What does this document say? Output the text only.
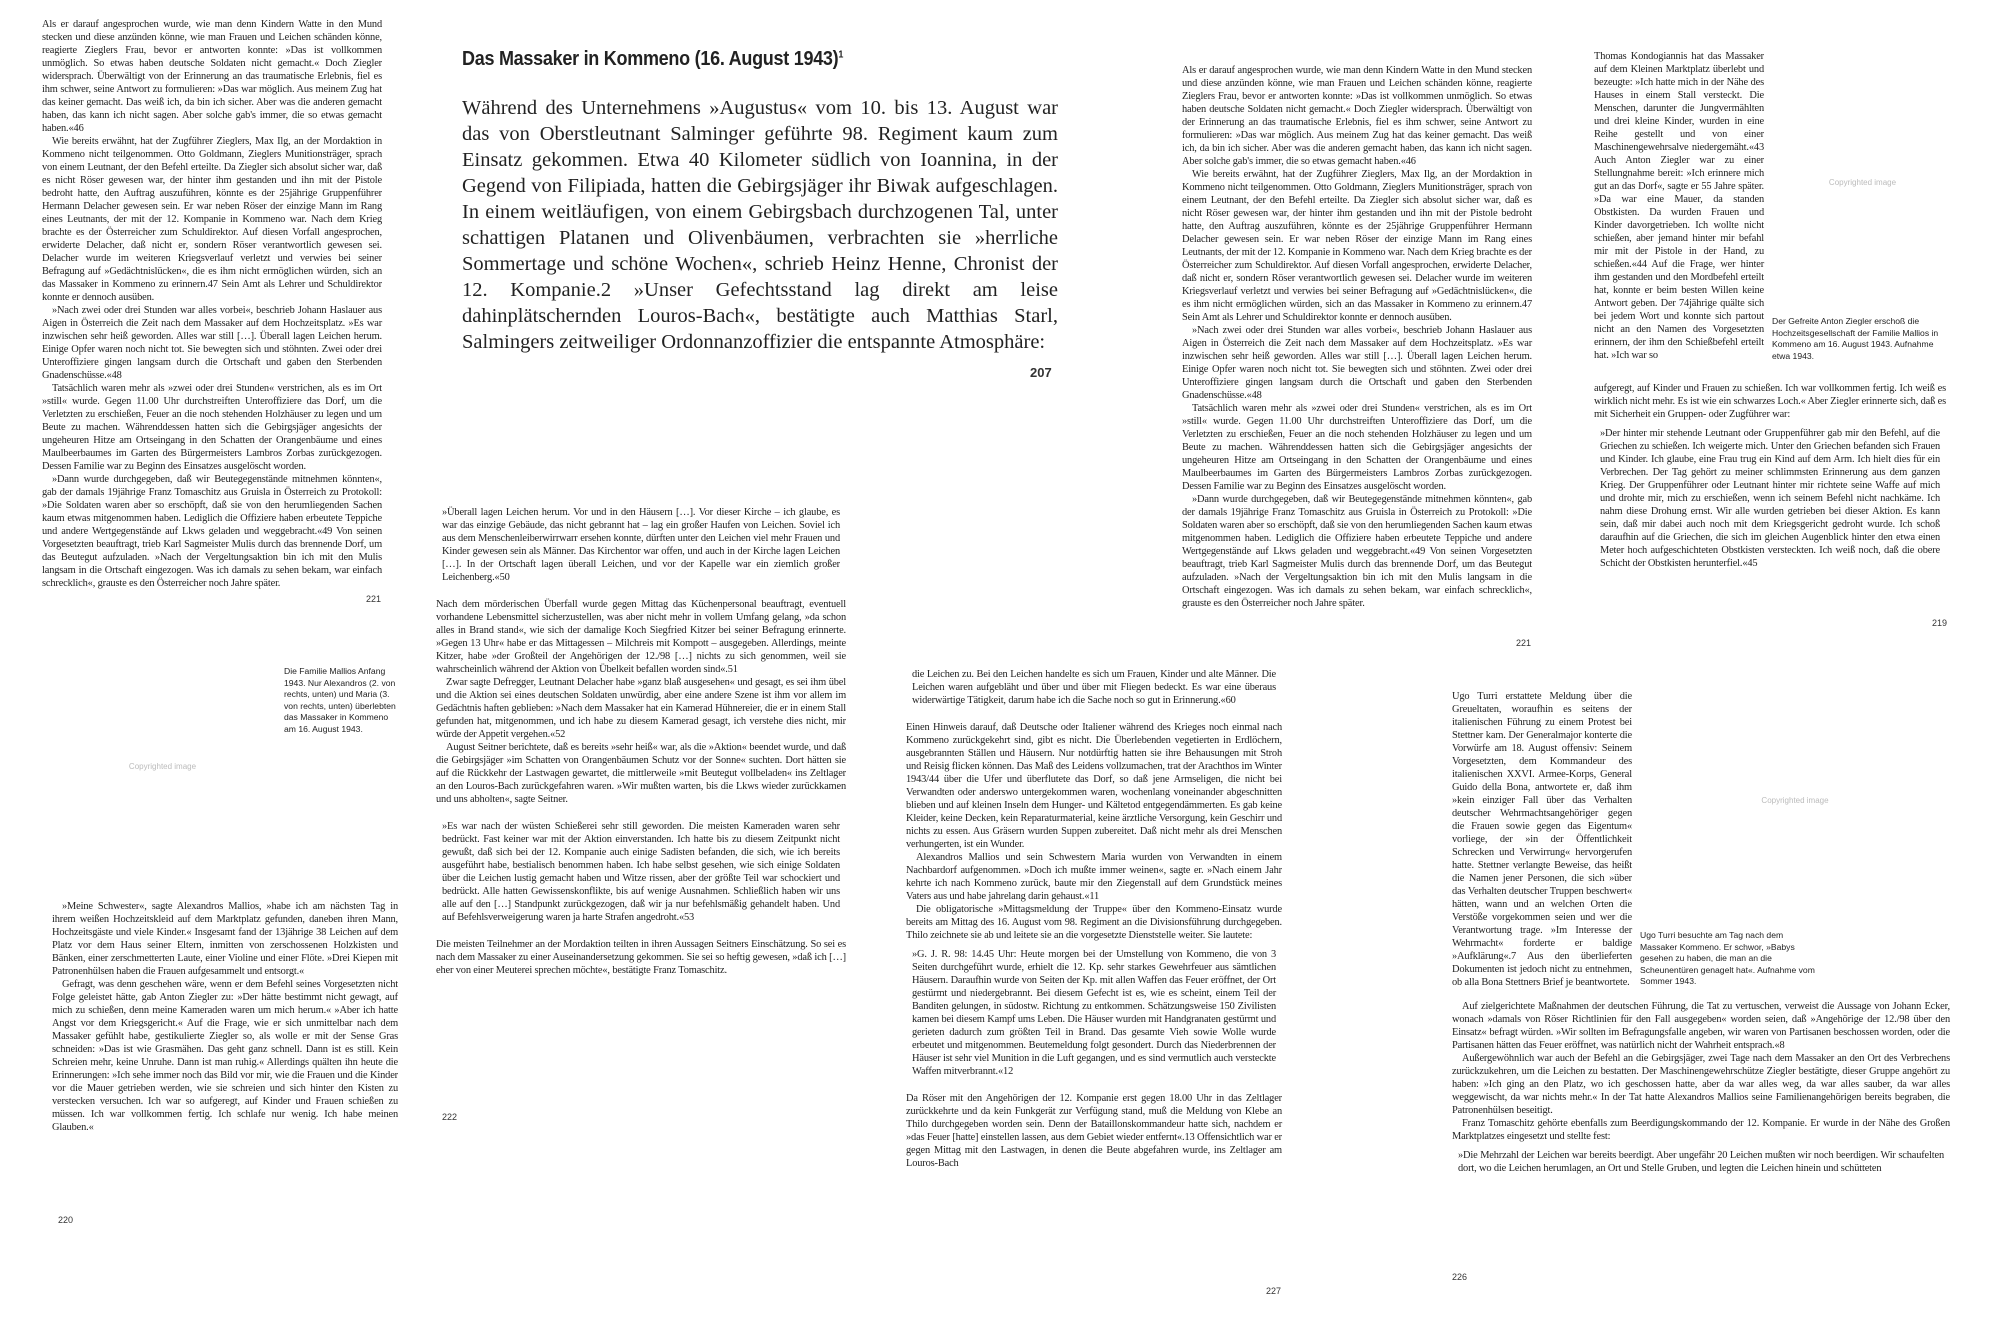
Als er darauf angesprochen wurde, wie man denn Kindern Watte in den Mund stecken und diese anzünden könne, wie man Frauen und Leichen schänden könne, reagierte Zieglers Frau, bevor er antworten konnte: »Das ist vollkommen unmöglich. So etwas haben deutsche Soldaten nicht gemacht.« Doch Ziegler widersprach. Überwältigt von der Erinnerung an das traumatische Erlebnis, fiel es ihm schwer, seine Antwort zu formulieren: »Das war möglich. Aus meinem Zug hat das keiner gemacht. Das weiß ich, da bin ich sicher. Aber was die anderen gemacht haben, das kann ich nicht sagen. Aber solche gab's immer, die so etwas gemacht haben.«46

Wie bereits erwähnt, hat der Zugführer Zieglers, Max Ilg, an der Mordaktion in Kommeno nicht teilgenommen. Otto Goldmann, Zieglers Munitionsträger, sprach von einem Leutnant, der den Befehl erteilte. Da Ziegler sich absolut sicher war, daß es nicht Röser gewesen war, der hinter ihm gestanden und ihn mit der Pistole bedroht hatte, den Auftrag auszuführen, könnte es der 25jährige Gruppenführer Hermann Delacher gewesen sein. Er war neben Röser der einzige Mann im Rang eines Leutnants, der mit der 12. Kompanie in Kommeno war. Nach dem Krieg brachte es der Österreicher zum Schuldirektor. Auf diesen Vorfall angesprochen, erwiderte Delacher, daß nicht er, sondern Röser verantwortlich gewesen sei. Delacher wurde im weiteren Kriegsverlauf verletzt und verwies bei seiner Befragung auf »Gedächtnislücken«, die es ihm nicht ermöglichen würden, sich an das Massaker in Kommeno zu erinnern.47 Sein Amt als Lehrer und Schuldirektor konnte er dennoch ausüben.

»Nach zwei oder drei Stunden war alles vorbei«, beschrieb Johann Haslauer aus Aigen in Österreich die Zeit nach dem Massaker auf dem Hochzeitsplatz. »Es war inzwischen sehr heiß geworden. Alles war still […]. Überall lagen Leichen herum. Einige Opfer waren noch nicht tot. Sie bewegten sich und stöhnten. Zwei oder drei Unteroffiziere gingen langsam durch die Ortschaft und gaben den Sterbenden Gnadenschüsse.«48

Tatsächlich waren mehr als »zwei oder drei Stunden« verstrichen, als es im Ort »still« wurde. Gegen 11.00 Uhr durchstreiften Unteroffiziere das Dorf, um die Verletzten zu erschießen, Feuer an die noch stehenden Holzhäuser zu legen und um Beute zu machen. Währenddessen hatten sich die Gebirgsjäger angesichts der ungeheuren Hitze am Ortseingang in den Schatten der Orangenbäume und eines Maulbeerbaumes im Garten des Bürgermeisters Lambros Zorbas zurückgezogen. Dessen Familie war zu Beginn des Einsatzes ausgelöscht worden.

»Dann wurde durchgegeben, daß wir Beutegegenstände mitnehmen könnten«, gab der damals 19jährige Franz Tomaschitz aus Gruisla in Österreich zu Protokoll: »Die Soldaten waren aber so erschöpft, daß sie von den herumliegenden Sachen kaum etwas mitgenommen haben. Lediglich die Offiziere haben erbeutete Teppiche und andere Wertgegenstände auf Lkws geladen und weggebracht.«49 Von seinen Vorgesetzten beauftragt, trieb Karl Sagmeister Mulis durch das brennende Dorf, um das Beutegut aufzuladen. »Nach der Vergeltungsaktion bin ich mit den Mulis langsam in die Ortschaft eingezogen. Was ich damals zu sehen bekam, war einfach schrecklich«, grauste es den Österreicher noch Jahre später.

221
Copyrighted image
Die Familie Mallios Anfang 1943. Nur Alexandros (2. von rechts, unten) und Maria (3. von rechts, unten) überlebten das Massaker in Kommeno am 16. August 1943.

»Meine Schwester«, sagte Alexandros Mallios, »habe ich am nächsten Tag in ihrem weißen Hochzeitskleid auf dem Marktplatz gefunden, daneben ihren Mann, Hochzeitsgäste und viele Kinder.« Insgesamt fand der 13jährige 38 Leichen auf dem Platz vor dem Haus seiner Eltern, inmitten von zerschossenen Holzkisten und Bänken, einer zerschmetterten Laute, einer Violine und einer Flöte. »Drei Kiepen mit Patronenhülsen haben die Frauen aufgesammelt und entsorgt.«

Gefragt, was denn geschehen wäre, wenn er dem Befehl seines Vorgesetzten nicht Folge geleistet hätte, gab Anton Ziegler zu: »Der hätte bestimmt nicht gewagt, auf mich zu schießen, denn meine Kameraden waren um mich herum.« »Aber ich hatte Angst vor dem Kriegsgericht.« Auf die Frage, wie er sich unmittelbar nach dem Massaker gefühlt habe, gestikulierte Ziegler so, als wolle er mit der Sense Gras schneiden: »Das ist wie Grasmähen. Das geht ganz schnell. Dann ist es still. Kein Schreien mehr, keine Unruhe. Dann ist man ruhig.« Allerdings quälten ihn heute die Erinnerungen: »Ich sehe immer noch das Bild vor mir, wie die Frauen und die Kinder vor die Mauer getrieben werden, wie sie schreien und sich hinter den Kisten zu verstecken versuchen. Ich war so aufgeregt, auf Kinder und Frauen schießen zu müssen. Ich war vollkommen fertig. Ich schlafe nur wenig. Ich habe meinen Glauben.«

220
Das Massaker in Kommeno (16. August 1943)$^1$
Während des Unternehmens »Augustus« vom 10. bis 13. August war das von Oberstleutnant Salminger geführte 98. Regiment kaum zum Einsatz gekommen. Etwa 40 Kilometer südlich von Ioannina, in der Gegend von Filipiada, hatten die Gebirgsjäger ihr Biwak aufgeschlagen. In einem weitläufigen, von einem Gebirgsbach durchzogenen Tal, unter schattigen Platanen und Olivenbäumen, verbrachten sie »herrliche Sommertage und schöne Wochen«, schrieb Heinz Henne, Chronist der 12. Kompanie.2 »Unser Gefechtsstand lag direkt am leise dahinplätschernden Louros-Bach«, bestätigte auch Matthias Starl, Salmingers zeitweiliger Ordonnanzoffizier die entspannte Atmosphäre:
207

»Überall lagen Leichen herum. Vor und in den Häusern […]. Vor dieser Kirche – ich glaube, es war das einzige Gebäude, das nicht gebrannt hat – lag ein großer Haufen von Leichen. Soviel ich aus dem Menschenleiberwirrwarr ersehen konnte, dürften unter den Leichen viel mehr Frauen und Kinder gewesen sein als Männer. Das Kirchentor war offen, und auch in der Kirche lagen Leichen […]. In der Ortschaft lagen überall Leichen, und vor der Kapelle war ein ziemlich großer Leichenberg.«50

Nach dem mörderischen Überfall wurde gegen Mittag das Küchenpersonal beauftragt, eventuell vorhandene Lebensmittel sicherzustellen, was aber nicht mehr in vollem Umfang gelang, »da schon alles in Brand stand«, wie sich der damalige Koch Siegfried Kitzer bei seiner Befragung erinnerte. »Gegen 13 Uhr« habe er das Mittagessen – Milchreis mit Kompott – ausgegeben. Allerdings, meinte Kitzer, habe »der Großteil der Angehörigen der 12./98 […] nichts zu sich genommen, weil sie wahrscheinlich während der Aktion von Übelkeit befallen worden sind«.51

Zwar sagte Defregger, Leutnant Delacher habe »ganz blaß ausgesehen« und gesagt, es sei ihm übel und die Aktion sei eines deutschen Soldaten unwürdig, aber eine andere Szene ist ihm vor allem im Gedächtnis haften geblieben: »Nach dem Massaker hat ein Kamerad Hühnereier, die er in einem Stall gefunden hat, mitgenommen, und ich habe zu diesem Kamerad gesagt, ich verstehe dies nicht, mir würde der Appetit vergehen.«52

August Seitner berichtete, daß es bereits »sehr heiß« war, als die »Aktion« beendet wurde, und daß die Gebirgsjäger »im Schatten von Orangenbäumen Schutz vor der Sonne« suchten. Dort hätten sie auf die Rückkehr der Lastwagen gewartet, die mittlerweile »mit Beutegut vollbeladen« ins Zeltlager an den Louros-Bach zurückgefahren waren. »Wir mußten warten, bis die Lkws wieder zurückkamen und uns abholten«, sagte Seitner.

»Es war nach der wüsten Schießerei sehr still geworden. Die meisten Kameraden waren sehr bedrückt. Fast keiner war mit der Aktion einverstanden. Ich hatte bis zu diesem Zeitpunkt nicht gewußt, daß sich bei der 12. Kompanie auch einige Sadisten befanden, die sich, wie ich bereits ausgeführt habe, bestialisch benommen haben. Ich habe selbst gesehen, wie sich einige Soldaten über die Leichen lustig gemacht haben und Witze rissen, aber der größte Teil war schockiert und bedrückt. Alle hatten Gewissenskonflikte, bis auf wenige Ausnahmen. Schließlich haben wir uns alle auf den […] Standpunkt zurückgezogen, daß wir ja nur befehlsmäßig gehandelt haben. Und auf Befehlsverweigerung waren ja harte Strafen angedroht.«53

Die meisten Teilnehmer an der Mordaktion teilten in ihren Aussagen Seitners Einschätzung. So sei es nach dem Massaker zu einer Auseinandersetzung gekommen. Sie sei so heftig gewesen, »daß ich […] eher von einer Meuterei sprechen möchte«, bestätigte Franz Tomaschitz.

222

Als er darauf angesprochen wurde, wie man denn Kindern Watte in den Mund stecken und diese anzünden könne, wie man Frauen und Leichen schänden könne, reagierte Zieglers Frau, bevor er antworten konnte: »Das ist vollkommen unmöglich. So etwas haben deutsche Soldaten nicht gemacht.« Doch Ziegler widersprach. Überwältigt von der Erinnerung an das traumatische Erlebnis, fiel es ihm schwer, seine Antwort zu formulieren: »Das war möglich. Aus meinem Zug hat das keiner gemacht. Das weiß ich, da bin ich sicher. Aber was die anderen gemacht haben, das kann ich nicht sagen. Aber solche gab's immer, die so etwas gemacht haben.«46

Wie bereits erwähnt, hat der Zugführer Zieglers, Max Ilg, an der Mordaktion in Kommeno nicht teilgenommen. Otto Goldmann, Zieglers Munitionsträger, sprach von einem Leutnant, der den Befehl erteilte. Da Ziegler sich absolut sicher war, daß es nicht Röser gewesen war, der hinter ihm gestanden und ihn mit der Pistole bedroht hatte, den Auftrag auszuführen, könnte es der 25jährige Gruppenführer Hermann Delacher gewesen sein. Er war neben Röser der einzige Mann im Rang eines Leutnants, der mit der 12. Kompanie in Kommeno war. Nach dem Krieg brachte es der Österreicher zum Schuldirektor. Auf diesen Vorfall angesprochen, erwiderte Delacher, daß nicht er, sondern Röser verantwortlich gewesen sei. Delacher wurde im weiteren Kriegsverlauf verletzt und verwies bei seiner Befragung auf »Gedächtnislücken«, die es ihm nicht ermöglichen würden, sich an das Massaker in Kommeno zu erinnern.47 Sein Amt als Lehrer und Schuldirektor konnte er dennoch ausüben.

»Nach zwei oder drei Stunden war alles vorbei«, beschrieb Johann Haslauer aus Aigen in Österreich die Zeit nach dem Massaker auf dem Hochzeitsplatz. »Es war inzwischen sehr heiß geworden. Alles war still […]. Überall lagen Leichen herum. Einige Opfer waren noch nicht tot. Sie bewegten sich und stöhnten. Zwei oder drei Unteroffiziere gingen langsam durch die Ortschaft und gaben den Sterbenden Gnadenschüsse.«48

Tatsächlich waren mehr als »zwei oder drei Stunden« verstrichen, als es im Ort »still« wurde. Gegen 11.00 Uhr durchstreiften Unteroffiziere das Dorf, um die Verletzten zu erschießen, Feuer an die noch stehenden Holzhäuser zu legen und um Beute zu machen. Währenddessen hatten sich die Gebirgsjäger angesichts der ungeheuren Hitze am Ortseingang in den Schatten der Orangenbäume und eines Maulbeerbaumes im Garten des Bürgermeisters Lambros Zorbas zurückgezogen. Dessen Familie war zu Beginn des Einsatzes ausgelöscht worden.

»Dann wurde durchgegeben, daß wir Beutegegenstände mitnehmen könnten«, gab der damals 19jährige Franz Tomaschitz aus Gruisla in Österreich zu Protokoll: »Die Soldaten waren aber so erschöpft, daß sie von den herumliegenden Sachen kaum etwas mitgenommen haben. Lediglich die Offiziere haben erbeutete Teppiche und andere Wertgegenstände auf Lkws geladen und weggebracht.«49 Von seinen Vorgesetzten beauftragt, trieb Karl Sagmeister Mulis durch das brennende Dorf, um das Beutegut aufzuladen. »Nach der Vergeltungsaktion bin ich mit den Mulis langsam in die Ortschaft eingezogen. Was ich damals zu sehen bekam, war einfach schrecklich«, grauste es den Österreicher noch Jahre später.

221

die Leichen zu. Bei den Leichen handelte es sich um Frauen, Kinder und alte Männer. Die Leichen waren aufgebläht und über und über mit Fliegen bedeckt. Es war eine überaus widerwärtige Tätigkeit, darum habe ich die Sache noch so gut in Erinnerung.«60

Einen Hinweis darauf, daß Deutsche oder Italiener während des Krieges noch einmal nach Kommeno zurückgekehrt sind, gibt es nicht. Die Überlebenden vegetierten in Erdlöchern, ausgebrannten Ställen und Häusern. Nur notdürftig hatten sie ihre Behausungen mit Stroh und Reisig flicken können. Das Maß des Leidens vollzumachen, trat der Arachthos im Winter 1943/44 über die Ufer und überflutete das Dorf, so daß jene Armseligen, die nicht bei Verwandten oder anderswo untergekommen waren, wochenlang voneinander abgeschnitten blieben und auf kleinen Inseln dem Hunger- und Kältetod entgegendämmerten. Es gab keine Kleider, keine Decken, kein Reparaturmaterial, keine ärztliche Versorgung, kein Geschirr und nichts zu essen. Aus Gräsern wurden Suppen zubereitet. Daß nicht mehr als drei Menschen verhungerten, ist ein Wunder.

Alexandros Mallios und sein Schwestern Maria wurden von Verwandten in einem Nachbardorf aufgenommen. »Doch ich mußte immer weinen«, sagte er. »Nach einem Jahr kehrte ich nach Kommeno zurück, baute mir den Ziegenstall auf dem Grundstück meines Vaters aus und habe jahrelang darin gehaust.«11

Die obligatorische »Mittagsmeldung der Truppe« über den Kommeno-Einsatz wurde bereits am Mittag des 16. August vom 98. Regiment an die Divisionsführung durchgegeben. Thilo zeichnete sie ab und leitete sie an die vorgesetzte Dienststelle weiter. Sie lautete:

»G. J. R. 98: 14.45 Uhr: Heute morgen bei der Umstellung von Kommeno, die von 3 Seiten durchgeführt wurde, erhielt die 12. Kp. sehr starkes Gewehrfeuer aus sämtlichen Häusern. Daraufhin wurde von Seiten der Kp. mit allen Waffen das Feuer eröffnet, der Ort gestürmt und niedergebrannt. Bei diesem Gefecht ist es, wie es scheint, einem Teil der Banditen gelungen, in südostw. Richtung zu entkommen. Schätzungsweise 150 Zivilisten kamen bei diesem Kampf ums Leben. Die Häuser wurden mit Handgranaten gestürmt und gerieten dadurch zum größten Teil in Brand. Das gesamte Vieh sowie Wolle wurde erbeutet und mitgenommen. Beutemeldung folgt gesondert. Durch das Niederbrennen der Häuser ist sehr viel Munition in die Luft gegangen, und es sind vermutlich auch versteckte Waffen mitverbrannt.«12

Da Röser mit den Angehörigen der 12. Kompanie erst gegen 18.00 Uhr in das Zeltlager zurückkehrte und da kein Funkgerät zur Verfügung stand, muß die Meldung von Klebe an Thilo durchgegeben worden sein. Denn der Bataillonskommandeur hatte sich, nachdem er »das Feuer [hatte] einstellen lassen, aus dem Gebiet wieder entfernt«.13 Offensichtlich war er gegen Mittag mit den Lastwagen, in denen die Beute abgefahren wurde, ins Zeltlager am Louros-Bach

227

Thomas Kondogiannis hat das Massaker auf dem Kleinen Marktplatz überlebt und bezeugte: »Ich hatte mich in der Nähe des Hauses in einem Stall versteckt. Die Menschen, darunter die Jungvermählten und drei kleine Kinder, wurden in eine Reihe gestellt und von einer Maschinengewehrsalve niedergemäht.«43 Auch Anton Ziegler war zu einer Stellungnahme bereit: »Ich erinnere mich gut an das Dorf«, sagte er 55 Jahre später. »Da war eine Mauer, da standen Obstkisten. Da wurden Frauen und Kinder davorgetrieben. Ich wollte nicht schießen, aber jemand hinter mir befahl mir mit der Pistole in der Hand, zu schießen.«44 Auf die Frage, wer hinter ihm gestanden und den Mordbefehl erteilt hat, konnte er beim besten Willen keine Antwort geben. Der 74jährige quälte sich bei jedem Wort und konnte sich partout nicht an den Namen des Vorgesetzten erinnern, der ihm den Schießbefehl erteilt hat. »Ich war so

Copyrighted image
Der Gefreite Anton Ziegler erschoß die Hochzeitsgesellschaft der Familie Mallios in Kommeno am 16. August 1943. Aufnahme etwa 1943.

aufgeregt, auf Kinder und Frauen zu schießen. Ich war vollkommen fertig. Ich weiß es wirklich nicht mehr. Es ist wie ein schwarzes Loch.« Aber Ziegler erinnerte sich, daß es mit Sicherheit ein Gruppen- oder Zugführer war:

»Der hinter mir stehende Leutnant oder Gruppenführer gab mir den Befehl, auf die Griechen zu schießen. Ich weigerte mich. Unter den Griechen befanden sich Frauen und Kinder. Ich glaube, eine Frau trug ein Kind auf dem Arm. Ich hielt dies für ein Verbrechen. Der Tag gehört zu meiner schlimmsten Erinnerung aus dem ganzen Krieg. Der Gruppenführer oder Leutnant hinter mir richtete seine Waffe auf mich und drohte mir, mich zu erschießen, wenn ich seinem Befehl nicht nachkäme. Ich nahm diese Drohung ernst. Wir alle wurden getrieben bei dieser Aktion. Es kann sein, daß mir dabei auch noch mit dem Kriegsgericht gedroht wurde. Ich schoß daraufhin auf die Griechen, die sich im gleichen Augenblick hinter den etwa einen Meter hoch aufgeschichteten Obstkisten versteckten. Ich weiß noch, daß die obere Schicht der Obstkisten herunterfiel.«45

219

Ugo Turri erstattete Meldung über die Greueltaten, woraufhin es seitens der italienischen Führung zu einem Protest bei Stettner kam. Der Generalmajor konterte die Vorwürfe am 18. August offensiv: Seinem Vorgesetzten, dem Kommandeur des italienischen XXVI. Armee-Korps, General Guido della Bona, antwortete er, daß ihm »kein einziger Fall über das Verhalten deutscher Wehrmachtsangehöriger gegen die Frauen sowie gegen das Eigentum« vorliege, der »in der Öffentlichkeit Schrecken und Verwirrung« hervorgerufen hatte. Stettner verlangte Beweise, das heißt die Namen jener Personen, die sich »über das Verhalten deutscher Truppen beschwert« hätten, wann und an welchen Orten die Verstöße vorgekommen seien und wer die Verantwortung trage. »Im Interesse der Wehrmacht« forderte er baldige »Aufklärung«.7 Aus den überlieferten Dokumenten ist jedoch nicht zu entnehmen, ob alla Bona Stettners Brief je beantwortete.

Copyrighted image
Ugo Turri besuchte am Tag nach dem Massaker Kommeno. Er schwor, »Babys gesehen zu haben, die man an die Scheunentüren genagelt hat«. Aufnahme vom Sommer 1943.

Auf zielgerichtete Maßnahmen der deutschen Führung, die Tat zu vertuschen, verweist die Aussage von Johann Ecker, wonach »damals von Röser Richtlinien für den Fall ausgegeben« worden seien, daß »Angehörige der 12./98 über den Einsatz« befragt würden. »Wir sollten im Befragungsfalle angeben, wir waren von Partisanen beschossen worden, oder die Partisanen hätten das Feuer eröffnet, was natürlich nicht der Wahrheit entsprach.«8

Außergewöhnlich war auch der Befehl an die Gebirgsjäger, zwei Tage nach dem Massaker an den Ort des Verbrechens zurückzukehren, um die Leichen zu bestatten. Der Maschinengewehrschütze Ziegler bestätigte, dieser Gruppe angehört zu haben: »Ich ging an den Platz, wo ich geschossen hatte, aber da war alles weg, da war alles sauber, da war alles weggewischt, da war nichts mehr.« In der Tat hatte Alexandros Mallios seine Familienangehörigen bereits begraben, die Patronenhülsen beseitigt.

Franz Tomaschitz gehörte ebenfalls zum Beerdigungskommando der 12. Kompanie. Er wurde in der Nähe des Großen Marktplatzes eingesetzt und stellte fest:

»Die Mehrzahl der Leichen war bereits beerdigt. Aber ungefähr 20 Leichen mußten wir noch beerdigen. Wir schaufelten dort, wo die Leichen herumlagen, an Ort und Stelle Gruben, und legten die Leichen hinein und schütteten

226
